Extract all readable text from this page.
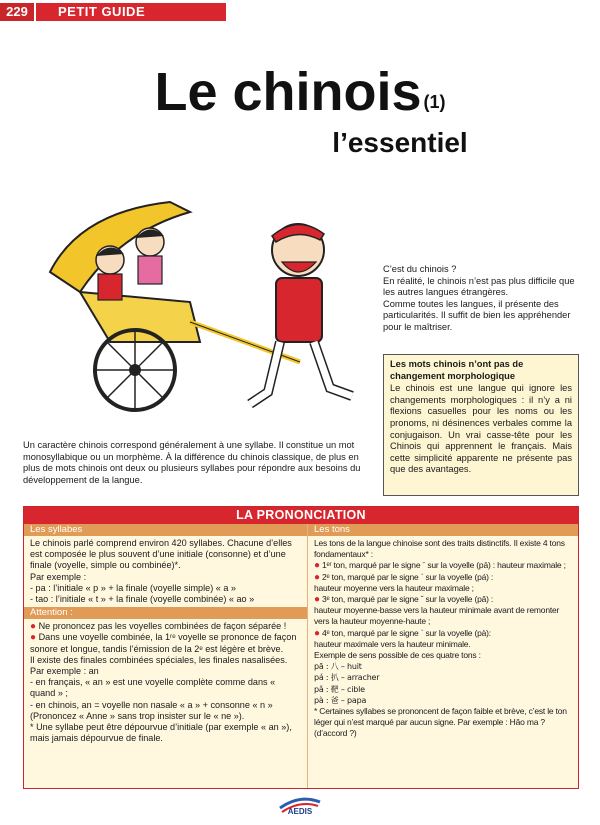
229	PETIT GUIDE
Le chinois $^{(1)}$
l’essentiel

C’est du chinois ?

En réalité, le chinois n’est pas plus difficile que les autres langues étrangères.

Comme toutes les langues, il présente des particularités. Il suffit de bien les appréhender pour le maîtriser.

Les mots chinois n’ont pas de changement morphologique
Le chinois est une langue qui ignore les changements morphologiques : il n’y a ni flexions casuelles pour les noms ou les pronoms, ni désinences verbales comme la conjugaison. Un vrai casse-tête pour les Chinois qui apprennent le français. Mais cette simplicité apparente ne présente pas que des avantages.
Un caractère chinois correspond généralement à une syllabe. Il constitue un mot monosyllabique ou un morphème. À la différence du chinois classique, de plus en plus de mots chinois ont deux ou plusieurs syllabes pour répondre aux besoins du développement de la langue.
LA PRONONCIATION
Les syllabes

Le chinois parlé comprend environ 420 syllabes. Chacune d’elles est composée le plus souvent d’une initiale (consonne) et d’une finale (voyelle, simple ou combinée)*.

Par exemple :

- pa : l’initiale « p » + la finale (voyelle simple) « a »

- tao : l’initiale « t » + la finale (voyelle combinée) « ao »

Attention :

● Ne prononcez pas les voyelles combinées de façon séparée !

● Dans une voyelle combinée, la 1ʳᵉ voyelle se prononce de façon sonore et longue, tandis l’émission de la 2ᵉ est légère et brève.

Il existe des finales combinées spéciales, les finales nasalisées.

Par exemple : an

- en français, « an » est une voyelle complète comme dans « quand » ;

- en chinois, an = voyelle non nasale « a » + consonne « n »

(Prononcez « Anne » sans trop insister sur le « ne »).

* Une syllabe peut être dépourvue d’initiale (par exemple « an »), mais jamais dépourvue de finale.

Les tons

Les tons de la langue chinoise sont des traits distinctifs. Il existe 4 tons fondamentaux* :

● 1ᵉʳ ton, marqué par le signe ˉ sur la voyelle (pā) : hauteur maximale ;

● 2ᵉ ton, marqué par le signe ˊ sur la voyelle (pá) :

hauteur moyenne vers la hauteur maximale ;

● 3ᵉ ton, marqué par le signe ˇ sur la voyelle (pǎ) :

hauteur moyenne-basse vers la hauteur minimale avant de remonter vers la hauteur moyenne-haute ;

● 4ᵉ ton, marqué par le signe ˋ sur la voyelle (pà):

hauteur maximale vers la hauteur minimale.

Exemple de sens possible de ces quatre tons :

pā : 八 – huit

pá : 扒 – arracher

pǎ : 靶 – cible

pà : 爸 – papa

* Certaines syllabes se prononcent de façon faible et brève, c’est le ton léger qui n’est marqué par aucun signe. Par exemple : Hǎo ma ? (d’accord ?)

AEDIS
